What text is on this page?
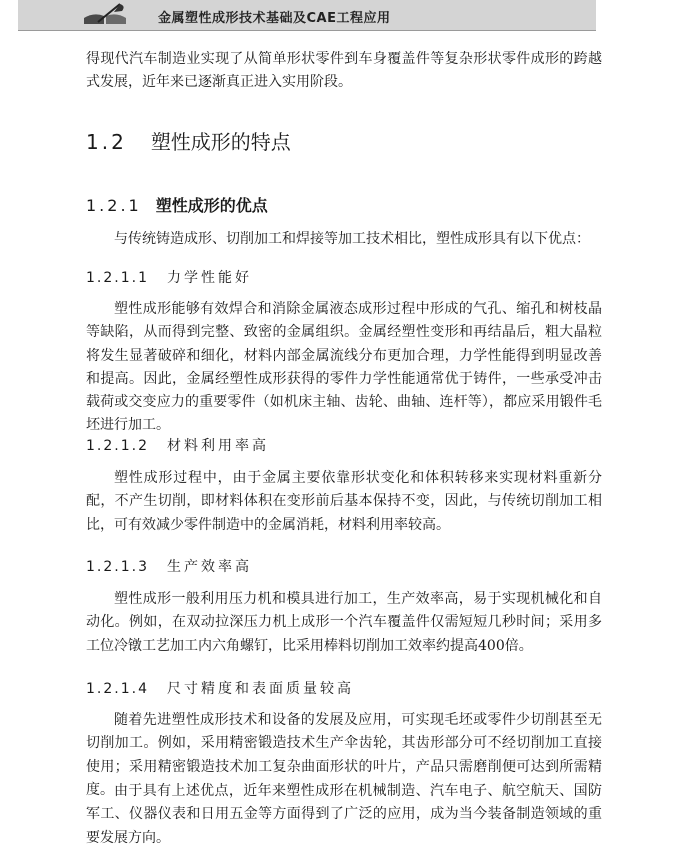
金属塑性成形技术基础及CAE工程应用

得现代汽车制造业实现了从简单形状零件到车身覆盖件等复杂形状零件成形的跨越式发展，近年来已逐渐真正进入实用阶段。

1.2 塑性成形的特点
1.2.1 塑性成形的优点

与传统铸造成形、切削加工和焊接等加工技术相比，塑性成形具有以下优点：

1.2.1.1 力学性能好

塑性成形能够有效焊合和消除金属液态成形过程中形成的气孔、缩孔和树枝晶等缺陷，从而得到完整、致密的金属组织。金属经塑性变形和再结晶后，粗大晶粒将发生显著破碎和细化，材料内部金属流线分布更加合理，力学性能得到明显改善和提高。因此，金属经塑性成形获得的零件力学性能通常优于铸件，一些承受冲击载荷或交变应力的重要零件（如机床主轴、齿轮、曲轴、连杆等），都应采用锻件毛坯进行加工。

1.2.1.2 材料利用率高

塑性成形过程中，由于金属主要依靠形状变化和体积转移来实现材料重新分配，不产生切削，即材料体积在变形前后基本保持不变，因此，与传统切削加工相比，可有效减少零件制造中的金属消耗，材料利用率较高。

1.2.1.3 生产效率高

塑性成形一般利用压力机和模具进行加工，生产效率高，易于实现机械化和自动化。例如，在双动拉深压力机上成形一个汽车覆盖件仅需短短几秒时间；采用多工位冷镦工艺加工内六角螺钉，比采用棒料切削加工效率约提高400倍。

1.2.1.4 尺寸精度和表面质量较高

随着先进塑性成形技术和设备的发展及应用，可实现毛坯或零件少切削甚至无切削加工。例如，采用精密锻造技术生产伞齿轮，其齿形部分可不经切削加工直接使用；采用精密锻造技术加工复杂曲面形状的叶片，产品只需磨削便可达到所需精度。 由于具有上述优点，近年来塑性成形在机械制造、汽车电子、航空航天、国防军工、仪器仪表和日用五金等方面得到了广泛的应用，成为当今装备制造领域的重要发展方向。
